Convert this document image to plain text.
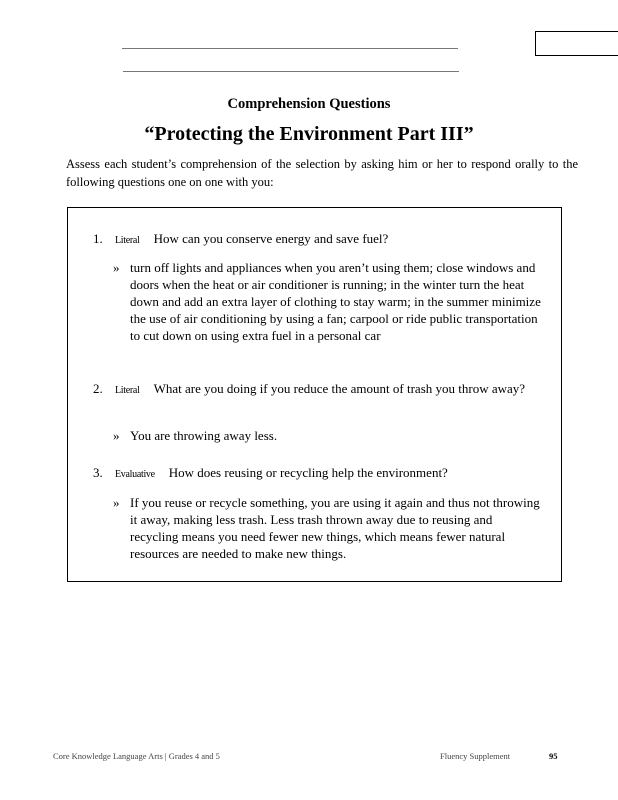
Comprehension Questions
“Protecting the Environment Part III”
Assess each student’s comprehension of the selection by asking him or her to respond orally to the following questions one on one with you:
1.	Literal How can you conserve energy and save fuel?
» turn off lights and appliances when you aren’t using them; close windows and doors when the heat or air conditioner is running; in the winter turn the heat down and add an extra layer of clothing to stay warm; in the summer minimize the use of air conditioning by using a fan; carpool or ride public transportation to cut down on using extra fuel in a personal car
2.	Literal What are you doing if you reduce the amount of trash you throw away?
» You are throwing away less.
3.	Evaluative How does reusing or recycling help the environment?
» If you reuse or recycle something, you are using it again and thus not throwing it away, making less trash. Less trash thrown away due to reusing and recycling means you need fewer new things, which means fewer natural resources are needed to make new things.
Core Knowledge Language Arts | Grades 4 and 5	Fluency Supplement	95
